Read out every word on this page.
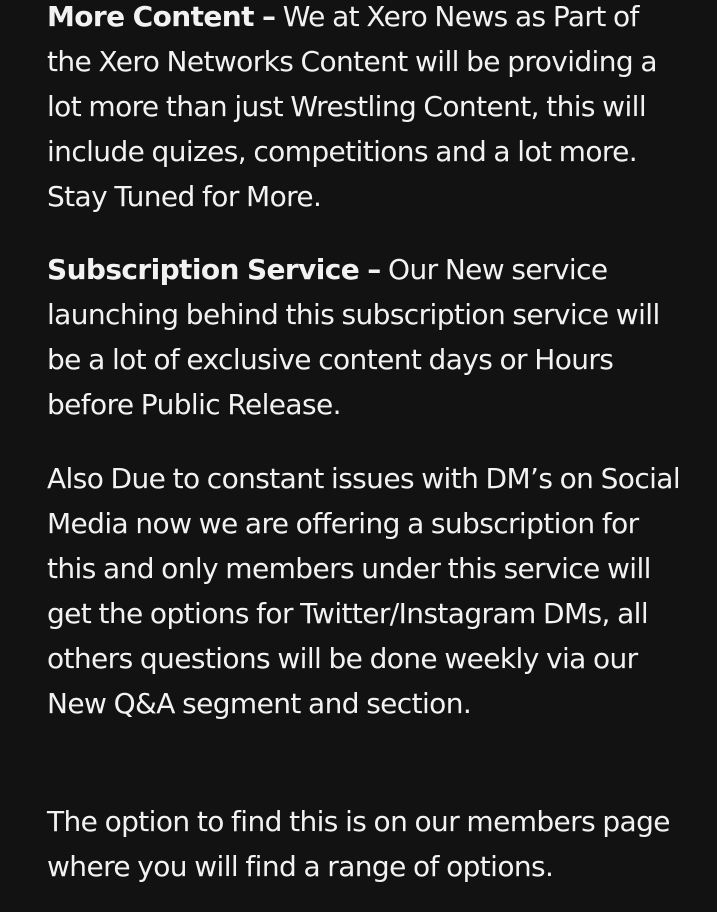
More Content – We at Xero News as Part of the Xero Networks Content will be providing a lot more than just Wrestling Content, this will include quizes, competitions and a lot more. Stay Tuned for More.

Subscription Service – Our New service launching behind this subscription service will be a lot of exclusive content days or Hours before Public Release.

Also Due to constant issues with DM’s on Social Media now we are offering a subscription for this and only members under this service will get the options for Twitter/Instagram DMs, all others questions will be done weekly via our New Q&A segment and section.

The option to find this is on our members page where you will find a range of options.
